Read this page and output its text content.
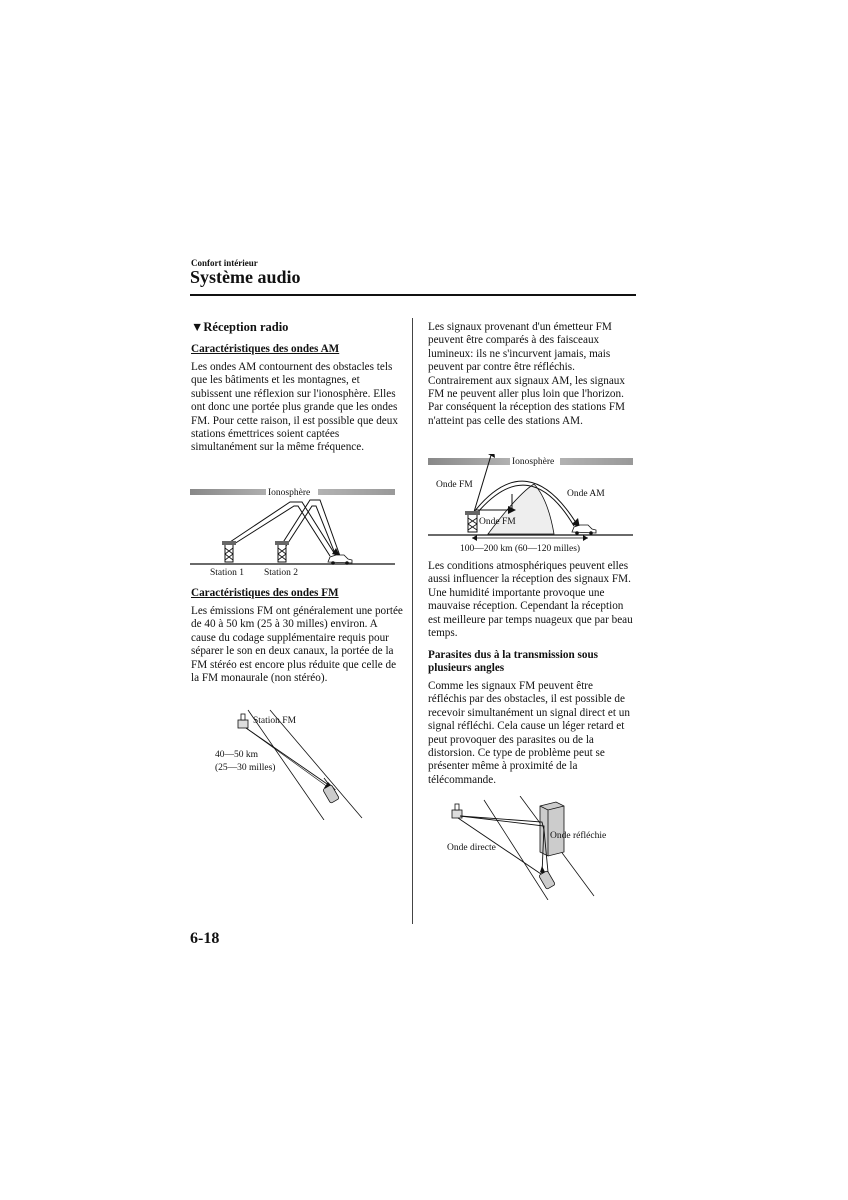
Confort intérieur
Système audio
▼Réception radio
Caractéristiques des ondes AM

Les ondes AM contournent des obstacles tels que les bâtiments et les montagnes, et subissent une réflexion sur l'ionosphère. Elles ont donc une portée plus grande que les ondes FM. Pour cette raison, il est possible que deux stations émettrices soient captées simultanément sur la même fréquence.

Ionosphère
Station 1 Station 2
Caractéristiques des ondes FM

Les émissions FM ont généralement une portée de 40 à 50 km (25 à 30 milles) environ. A cause du codage supplémentaire requis pour séparer le son en deux canaux, la portée de la FM stéréo est encore plus réduite que celle de la FM monaurale (non stéréo).

Station FM
40—50 km
(25—30 milles)

Les signaux provenant d'un émetteur FM peuvent être comparés à des faisceaux lumineux: ils ne s'incurvent jamais, mais peuvent par contre être réfléchis. Contrairement aux signaux AM, les signaux FM ne peuvent aller plus loin que l'horizon. Par conséquent la réception des stations FM n'atteint pas celle des stations AM.

Ionosphère
Onde FM
Onde AM
Onde FM
100—200 km (60—120 milles)

Les conditions atmosphériques peuvent elles aussi influencer la réception des signaux FM. Une humidité importante provoque une mauvaise réception. Cependant la réception est meilleure par temps nuageux que par beau temps.

Parasites dus à la transmission sous plusieurs angles

Comme les signaux FM peuvent être réfléchis par des obstacles, il est possible de recevoir simultanément un signal direct et un signal réfléchi. Cela cause un léger retard et peut provoquer des parasites ou de la distorsion. Ce type de problème peut se présenter même à proximité de la télécommande.

Onde réfléchie
Onde directe
6-18
